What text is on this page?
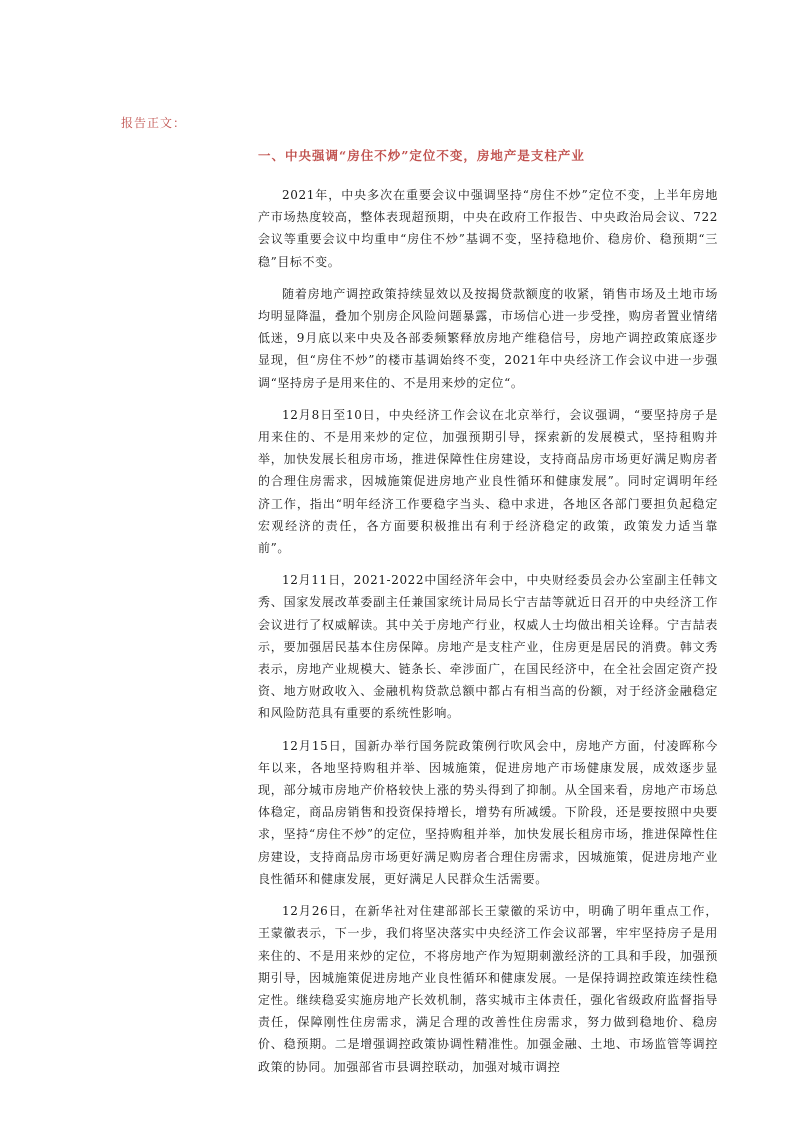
报告正文：
一、中央强调“房住不炒”定位不变，房地产是支柱产业

2021年，中央多次在重要会议中强调坚持“房住不炒”定位不变，上半年房地产市场热度较高，整体表现超预期，中央在政府工作报告、中央政治局会议、722会议等重要会议中均重申“房住不炒”基调不变，坚持稳地价、稳房价、稳预期“三稳”目标不变。

随着房地产调控政策持续显效以及按揭贷款额度的收紧，销售市场及土地市场均明显降温，叠加个别房企风险问题暴露，市场信心进一步受挫，购房者置业情绪低迷，9月底以来中央及各部委频繁释放房地产维稳信号，房地产调控政策底逐步显现，但“房住不炒”的楼市基调始终不变，2021年中央经济工作会议中进一步强调“坚持房子是用来住的、不是用来炒的定位“。

12月8日至10日，中央经济工作会议在北京举行，会议强调，“要坚持房子是用来住的、不是用来炒的定位，加强预期引导，探索新的发展模式，坚持租购并举，加快发展长租房市场，推进保障性住房建设，支持商品房市场更好满足购房者的合理住房需求，因城施策促进房地产业良性循环和健康发展”。同时定调明年经济工作，指出“明年经济工作要稳字当头、稳中求进，各地区各部门要担负起稳定宏观经济的责任，各方面要积极推出有利于经济稳定的政策，政策发力适当靠前”。

12月11日，2021-2022中国经济年会中，中央财经委员会办公室副主任韩文秀、国家发展改革委副主任兼国家统计局局长宁吉喆等就近日召开的中央经济工作会议进行了权威解读。其中关于房地产行业，权威人士均做出相关诠释。宁吉喆表示，要加强居民基本住房保障。房地产是支柱产业，住房更是居民的消费。韩文秀表示，房地产业规模大、链条长、牵涉面广，在国民经济中，在全社会固定资产投资、地方财政收入、金融机构贷款总额中都占有相当高的份额，对于经济金融稳定和风险防范具有重要的系统性影响。

12月15日，国新办举行国务院政策例行吹风会中，房地产方面，付凌晖称今年以来，各地坚持购租并举、因城施策，促进房地产市场健康发展，成效逐步显现，部分城市房地产价格较快上涨的势头得到了抑制。从全国来看，房地产市场总体稳定，商品房销售和投资保持增长，增势有所减缓。下阶段，还是要按照中央要求，坚持“房住不炒”的定位，坚持购租并举，加快发展长租房市场，推进保障性住房建设，支持商品房市场更好满足购房者合理住房需求，因城施策，促进房地产业良性循环和健康发展，更好满足人民群众生活需要。

12月26日，在新华社对住建部部长王蒙徽的采访中，明确了明年重点工作，王蒙徽表示，下一步，我们将坚决落实中央经济工作会议部署，牢牢坚持房子是用来住的、不是用来炒的定位，不将房地产作为短期刺激经济的工具和手段，加强预期引导，因城施策促进房地产业良性循环和健康发展。一是保持调控政策连续性稳定性。继续稳妥实施房地产长效机制，落实城市主体责任，强化省级政府监督指导责任，保障刚性住房需求，满足合理的改善性住房需求，努力做到稳地价、稳房价、稳预期。二是增强调控政策协调性精准性。加强金融、土地、市场监管等调控政策的协同。加强部省市县调控联动，加强对城市调控
